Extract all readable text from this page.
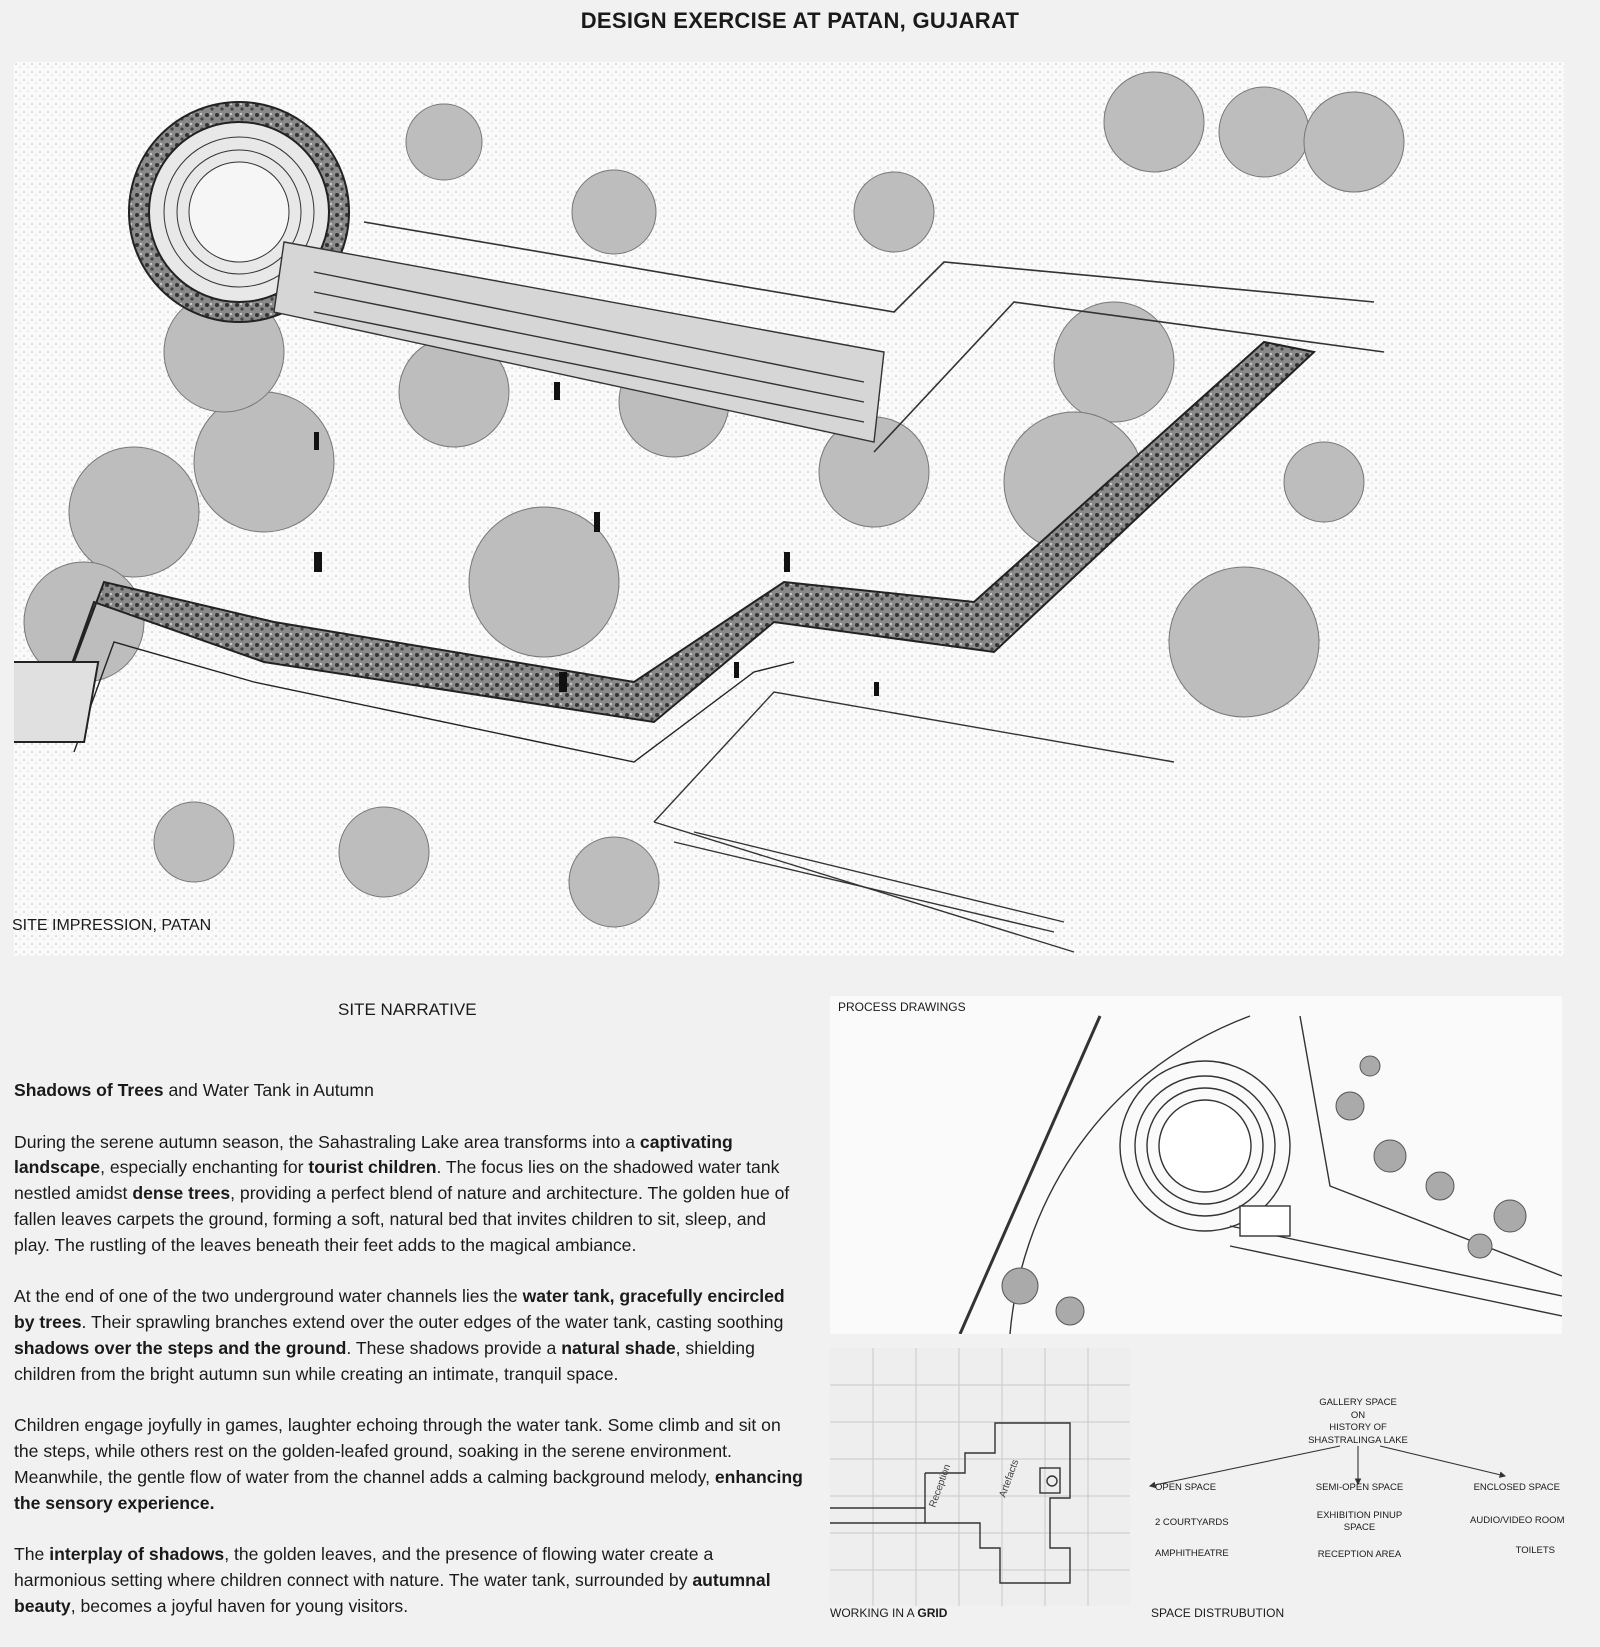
DESIGN EXERCISE AT PATAN, GUJARAT
SITE IMPRESSION, PATAN
SITE NARRATIVE

Shadows of Trees and Water Tank in Autumn

During the serene autumn season, the Sahastraling Lake area transforms into a captivating landscape, especially enchanting for tourist children. The focus lies on the shadowed water tank nestled amidst dense trees, providing a perfect blend of nature and architecture. The golden hue of fallen leaves carpets the ground, forming a soft, natural bed that invites children to sit, sleep, and play. The rustling of the leaves beneath their feet adds to the magical ambiance.

At the end of one of the two underground water channels lies the water tank, gracefully encircled by trees. Their sprawling branches extend over the outer edges of the water tank, casting soothing shadows over the steps and the ground. These shadows provide a natural shade, shielding children from the bright autumn sun while creating an intimate, tranquil space.

Children engage joyfully in games, laughter echoing through the water tank. Some climb and sit on the steps, while others rest on the golden-leafed ground, soaking in the serene environment. Meanwhile, the gentle flow of water from the channel adds a calming background melody, enhancing the sensory experience.

The interplay of shadows, the golden leaves, and the presence of flowing water create a harmonious setting where children connect with nature. The water tank, surrounded by autumnal beauty, becomes a joyful haven for young visitors.

PROCESS DRAWINGS
Reception	Artefacts
WORKING IN A GRID
GALLERY SPACE
ON
HISTORY OF
SHASTRALINGA LAKE
OPEN SPACE
2 COURTYARDS
AMPHITHEATRE
SEMI-OPEN SPACE
EXHIBITION PINUP SPACE
RECEPTION AREA
ENCLOSED SPACE
AUDIO/VIDEO ROOM
TOILETS
SPACE DISTRUBUTION
